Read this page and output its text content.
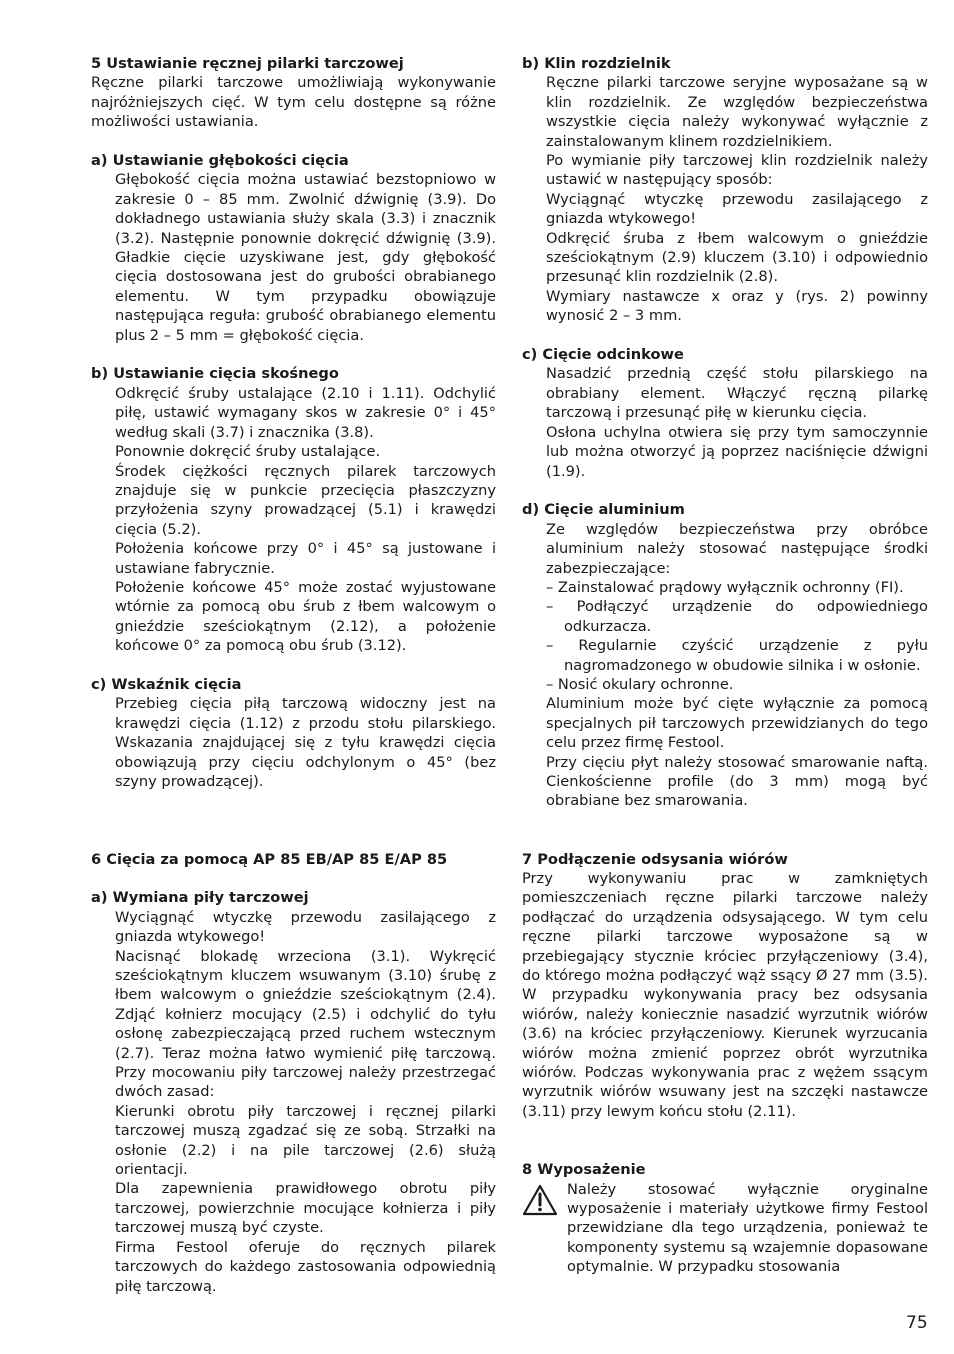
5 Ustawianie ręcznej pilarki tarczowej

Ręczne pilarki tarczowe umożliwiają wykonywanie najróżniejszych cięć. W tym celu dostępne są różne możliwości ustawiania.

a) Ustawianie głębokości cięcia

Głębokość cięcia można ustawiać bezstopniowo w zakresie 0 – 85 mm. Zwolnić dźwignię (3.9). Do dokładnego ustawiania służy skala (3.3) i znacznik (3.2). Następnie ponownie dokręcić dźwignię (3.9). Gładkie cięcie uzyskiwane jest, gdy głębokość cięcia dostosowana jest do grubości obrabianego elementu. W tym przypadku obowiązuje następująca reguła: grubość obrabianego elementu plus 2 – 5 mm = głębokość cięcia.

b) Ustawianie cięcia skośnego

Odkręcić śruby ustalające (2.10 i 1.11). Odchylić piłę, ustawić wymagany skos w zakresie 0° i 45° według skali (3.7) i znacznika (3.8).

Ponownie dokręcić śruby ustalające.

Środek ciężkości ręcznych pilarek tarczowych znajduje się w punkcie przecięcia płaszczyzny przyłożenia szyny prowadzącej (5.1) i krawędzi cięcia (5.2).

Położenia końcowe przy 0° i 45° są justowane i ustawiane fabrycznie.

Położenie końcowe 45° może zostać wyjustowane wtórnie za pomocą obu śrub z łbem walcowym o gnieździe sześciokątnym (2.12), a położenie końcowe 0° za pomocą obu śrub (3.12).

c) Wskaźnik cięcia

Przebieg cięcia piłą tarczową widoczny jest na krawędzi cięcia (1.12) z przodu stołu pilarskiego. Wskazania znajdującej się z tyłu krawędzi cięcia obowiązują przy cięciu odchylonym o 45° (bez szyny prowadzącej).

6 Cięcia za pomocą AP 85 EB/AP 85 E/AP 85

a) Wymiana piły tarczowej

Wyciągnąć wtyczkę przewodu zasilającego z gniazda wtykowego!

Nacisnąć blokadę wrzeciona (3.1). Wykręcić sześciokątnym kluczem wsuwanym (3.10) śrubę z łbem walcowym o gnieździe sześciokątnym (2.4). Zdjąć kołnierz mocujący (2.5) i odchylić do tyłu osłonę zabezpieczającą przed ruchem wstecznym (2.7). Teraz można łatwo wymienić piłę tarczową. Przy mocowaniu piły tarczowej należy przestrzegać dwóch zasad:

Kierunki obrotu piły tarczowej i ręcznej pilarki tarczowej muszą zgadzać się ze sobą. Strzałki na osłonie (2.2) i na pile tarczowej (2.6) służą orientacji.

Dla zapewnienia prawidłowego obrotu piły tarczowej, powierzchnie mocujące kołnierza i piły tarczowej muszą być czyste.

Firma Festool oferuje do ręcznych pilarek tarczowych do każdego zastosowania odpowiednią piłę tarczową.

b) Klin rozdzielnik

Ręczne pilarki tarczowe seryjne wyposażane są w klin rozdzielnik. Ze względów bezpieczeństwa wszystkie cięcia należy wykonywać wyłącznie z zainstalowanym klinem rozdzielnikiem.

Po wymianie piły tarczowej klin rozdzielnik należy ustawić w następujący sposób:

Wyciągnąć wtyczkę przewodu zasilającego z gniazda wtykowego!

Odkręcić śruba z łbem walcowym o gnieździe sześciokątnym (2.9) kluczem (3.10) i odpowiednio przesunąć klin rozdzielnik (2.8).

Wymiary nastawcze x oraz y (rys. 2) powinny wynosić 2 – 3 mm.

c) Cięcie odcinkowe

Nasadzić przednią część stołu pilarskiego na obrabiany element. Włączyć ręczną pilarkę tarczową i przesunąć piłę w kierunku cięcia.

Osłona uchylna otwiera się przy tym samoczynnie lub można otworzyć ją poprzez naciśnięcie dźwigni (1.9).

d) Cięcie aluminium

Ze względów bezpieczeństwa przy obróbce aluminium należy stosować następujące środki zabezpieczające:

– Zainstalować prądowy wyłącznik ochronny (FI).

– Podłączyć urządzenie do odpowiedniego odkurzacza.

– Regularnie czyścić urządzenie z pyłu nagromadzonego w obudowie silnika i w osłonie.

– Nosić okulary ochronne.

Aluminium może być cięte wyłącznie za pomocą specjalnych pił tarczowych przewidzianych do tego celu przez firmę Festool.

Przy cięciu płyt należy stosować smarowanie naftą. Cienkościenne profile (do 3 mm) mogą być obrabiane bez smarowania.

7 Podłączenie odsysania wiórów

Przy wykonywaniu prac w zamkniętych pomieszczeniach ręczne pilarki tarczowe należy podłączać do urządzenia odsysającego. W tym celu ręczne pilarki tarczowe wyposażone są w przebiegający stycznie króciec przyłączeniowy (3.4), do którego można podłączyć wąż ssący Ø 27 mm (3.5). W przypadku wykonywania pracy bez odsysania wiórów, należy koniecznie nasadzić wyrzutnik wiórów (3.6) na króciec przyłączeniowy. Kierunek wyrzucania wiórów można zmienić poprzez obrót wyrzutnika wiórów. Podczas wykonywania prac z wężem ssącym wyrzutnik wiórów wsuwany jest na szczęki nastawcze (3.11) przy lewym końcu stołu (2.11).

8 Wyposażenie

Należy stosować wyłącznie oryginalne wyposażenie i materiały użytkowe firmy Festool przewidziane dla tego urządzenia, ponieważ te komponenty systemu są wzajemnie dopasowane optymalnie. W przypadku stosowania

75
